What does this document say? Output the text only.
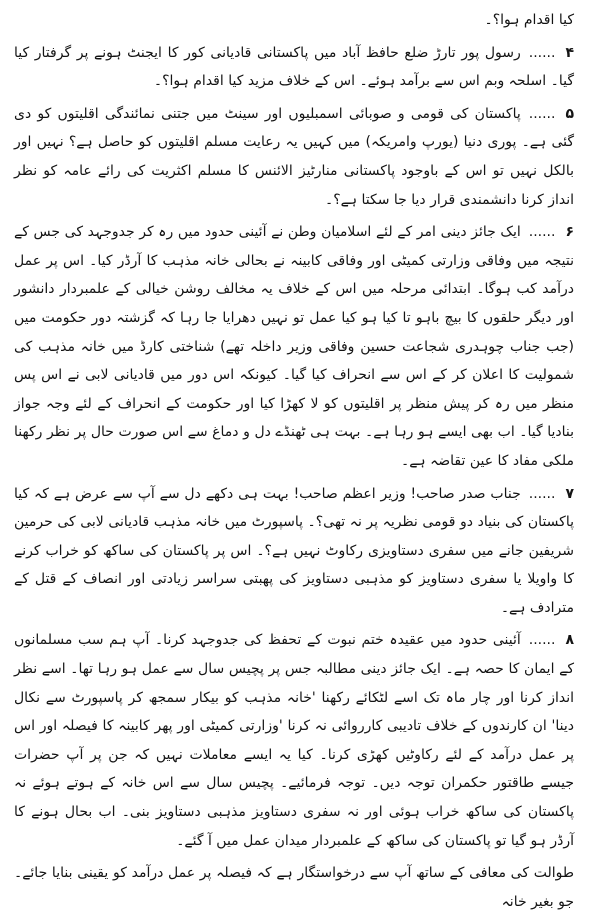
کیا اقدام ہوا؟۔

۴......رسول پور تارڑ ضلع حافظ آباد میں پاکستانی قادیانی کور کا ایجنٹ ہونے پر گرفتار کیا گیا۔ اسلحہ وبم اس سے برآمد ہوئے۔ اس کے خلاف مزید کیا اقدام ہوا؟۔

۵......پاکستان کی قومی و صوبائی اسمبلیوں اور سینٹ میں جتنی نمائندگی اقلیتوں کو دی گئی ہے۔ پوری دنیا (یورپ وامریکہ) میں کہیں یہ رعایت مسلم اقلیتوں کو حاصل ہے؟ نہیں اور بالکل نہیں تو اس کے باوجود پاکستانی منارٹیز الائنس کا مسلم اکثریت کی رائے عامہ کو نظر انداز کرنا دانشمندی قرار دیا جا سکتا ہے؟۔

۶......ایک جائز دینی امر کے لئے اسلامیان وطن نے آئینی حدود میں رہ کر جدوجہد کی جس کے نتیجہ میں وفاقی وزارتی کمیٹی اور وفاقی کابینہ نے بحالی خانہ مذہب کا آرڈر کیا۔ اس پر عمل درآمد کب ہوگا۔ ابتدائی مرحلہ میں اس کے خلاف یہ مخالف روشن خیالی کے علمبردار دانشور اور دیگر حلقوں کا بیچ باہو تا کیا ہو کیا عمل تو نہیں دھرایا جا رہا کہ گزشتہ دور حکومت میں (جب جناب چوہدری شجاعت حسین وفاقی وزیر داخلہ تھے) شناختی کارڈ میں خانہ مذہب کی شمولیت کا اعلان کر کے اس سے انحراف کیا گیا۔ کیونکہ اس دور میں قادیانی لابی نے اس پس منظر میں رہ کر پیش منظر پر اقلیتوں کو لا کھڑا کیا اور حکومت کے انحراف کے لئے وجہ جواز بنادیا گیا۔ اب بھی ایسے ہو رہا ہے۔ بہت ہی ٹھنڈے دل و دماغ سے اس صورت حال پر نظر رکھنا ملکی مفاد کا عین تقاضہ ہے۔

۷......جناب صدر صاحب! وزیر اعظم صاحب! بہت ہی دکھے دل سے آپ سے عرض ہے کہ کیا پاکستان کی بنیاد دو قومی نظریہ پر نہ تھی؟۔ پاسپورٹ میں خانہ مذہب قادیانی لابی کی حرمین شریفین جانے میں سفری دستاویزی رکاوٹ نہیں ہے؟۔ اس پر پاکستان کی ساکھ کو خراب کرنے کا واویلا یا سفری دستاویز کو مذہبی دستاویز کی پھبتی سراسر زیادتی اور انصاف کے قتل کے مترادف ہے۔

۸......آئینی حدود میں عقیدہ ختم نبوت کے تحفظ کی جدوجہد کرنا۔ آپ ہم سب مسلمانوں کے ایمان کا حصہ ہے۔ ایک جائز دینی مطالبہ جس پر پچیس سال سے عمل ہو رہا تھا۔ اسے نظر انداز کرنا اور چار ماہ تک اسے لٹکائے رکھنا 'خانہ مذہب کو بیکار سمجھ کر پاسپورٹ سے نکال دینا' ان کارندوں کے خلاف تادیبی کارروائی نہ کرنا 'وزارتی کمیٹی اور پھر کابینہ کا فیصلہ اور اس پر عمل درآمد کے لئے رکاوٹیں کھڑی کرنا۔ کیا یہ ایسے معاملات نہیں کہ جن پر آپ حضرات جیسے طاقتور حکمران توجہ دیں۔ توجہ فرمائیے۔ پچیس سال سے اس خانہ کے ہوتے ہوئے نہ پاکستان کی ساکھ خراب ہوئی اور نہ سفری دستاویز مذہبی دستاویز بنی۔ اب بحال ہونے کا آرڈر ہو گیا تو پاکستان کی ساکھ کے علمبردار میدان عمل میں آ گئے۔

طوالت کی معافی کے ساتھ آپ سے درخواستگار ہے کہ فیصلہ پر عمل درآمد کو یقینی بنایا جائے۔ جو بغیر خانہ
